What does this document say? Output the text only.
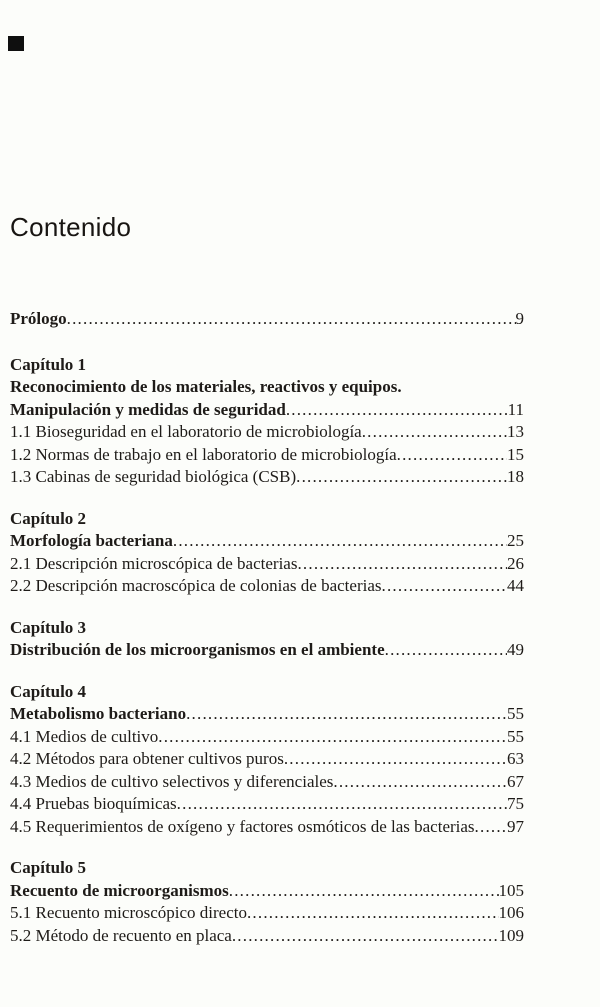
Contenido
Prólogo .....	9
Capítulo 1
Reconocimiento de los materiales, reactivos y equipos.
Manipulación y medidas de seguridad .....	11
1.1 Bioseguridad en el laboratorio de microbiología .....	13
1.2 Normas de trabajo en el laboratorio de microbiología .....	15
1.3 Cabinas de seguridad biológica (CSB) .....	18
Capítulo 2
Morfología bacteriana .....	25
2.1 Descripción microscópica de bacterias .....	26
2.2 Descripción macroscópica de colonias de bacterias .....	44
Capítulo 3
Distribución de los microorganismos en el ambiente .....	49
Capítulo 4
Metabolismo bacteriano .....	55
4.1 Medios de cultivo .....	55
4.2 Métodos para obtener cultivos puros .....	63
4.3 Medios de cultivo selectivos y diferenciales .....	67
4.4 Pruebas bioquímicas .....	75
4.5 Requerimientos de oxígeno y factores osmóticos de las bacterias ..... 97
Capítulo 5
Recuento de microorganismos .....	105
5.1 Recuento microscópico directo .....	106
5.2 Método de recuento en placa .....	109
